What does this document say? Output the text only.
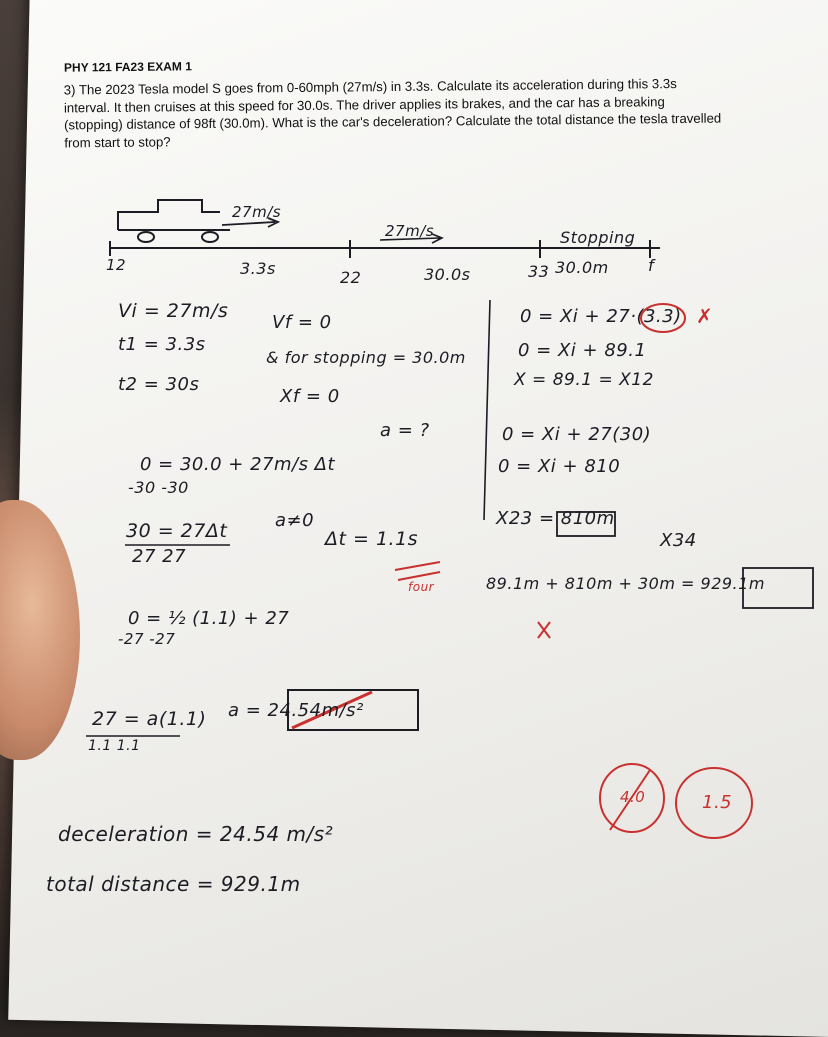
PHY 121 FA23 EXAM 1
3) The 2023 Tesla model S goes from 0-60mph (27m/s) in 3.3s. Calculate its acceleration during this 3.3s interval. It then cruises at this speed for 30.0s. The driver applies its brakes, and the car has a breaking (stopping) distance of 98ft (30.0m). What is the car's deceleration? Calculate the total distance the tesla travelled from start to stop?
27m/s
27m/s	Stopping
12	3.3s	22	30.0s	33 30.0m f
Vi = 27m/s
t1 = 3.3s
t2 = 30s
Vf = 0
& for stopping = 30.0m
Xf = 0
a = ?
0 = 30.0 + 27m/s Δt
-30 -30
30 = 27Δt
27 27
a≠0
Δt = 1.1s
four
0 = ½ (1.1) + 27
-27 -27
27 = a(1.1)
1.1 1.1
a = 24.54m/s²
deceleration = 24.54 m/s²
total distance = 929.1m
0 = Xi + 27·(3.3) ✗
0 = Xi + 89.1
X = 89.1 = X12
0 = Xi + 27(30)
0 = Xi + 810
X23 = 810m
X34
89.1m + 810m + 30m = 929.1m
4.0	1.5
